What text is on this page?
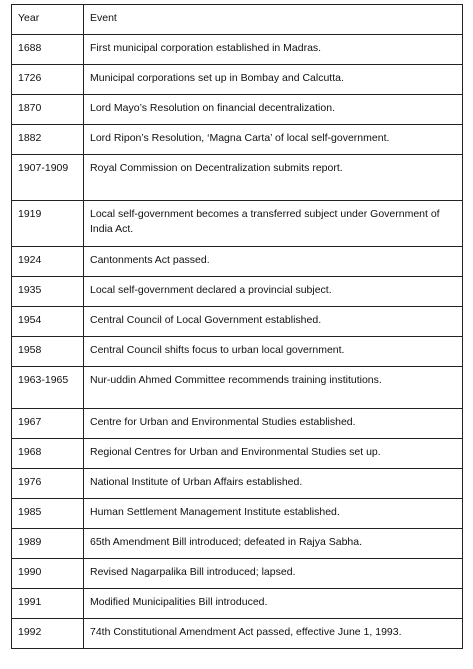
Year	Event
1688	First municipal corporation established in Madras.
1726	Municipal corporations set up in Bombay and Calcutta.
1870	Lord Mayo’s Resolution on financial decentralization.
1882	Lord Ripon’s Resolution, ‘Magna Carta’ of local self-government.
1907-1909	Royal Commission on Decentralization submits report.
1919	Local self-government becomes a transferred subject under Government of India Act.
1924	Cantonments Act passed.
1935	Local self-government declared a provincial subject.
1954	Central Council of Local Government established.
1958	Central Council shifts focus to urban local government.
1963-1965	Nur-uddin Ahmed Committee recommends training institutions.
1967	Centre for Urban and Environmental Studies established.
1968	Regional Centres for Urban and Environmental Studies set up.
1976	National Institute of Urban Affairs established.
1985	Human Settlement Management Institute established.
1989	65th Amendment Bill introduced; defeated in Rajya Sabha.
1990	Revised Nagarpalika Bill introduced; lapsed.
1991	Modified Municipalities Bill introduced.
1992	74th Constitutional Amendment Act passed, effective June 1, 1993.
